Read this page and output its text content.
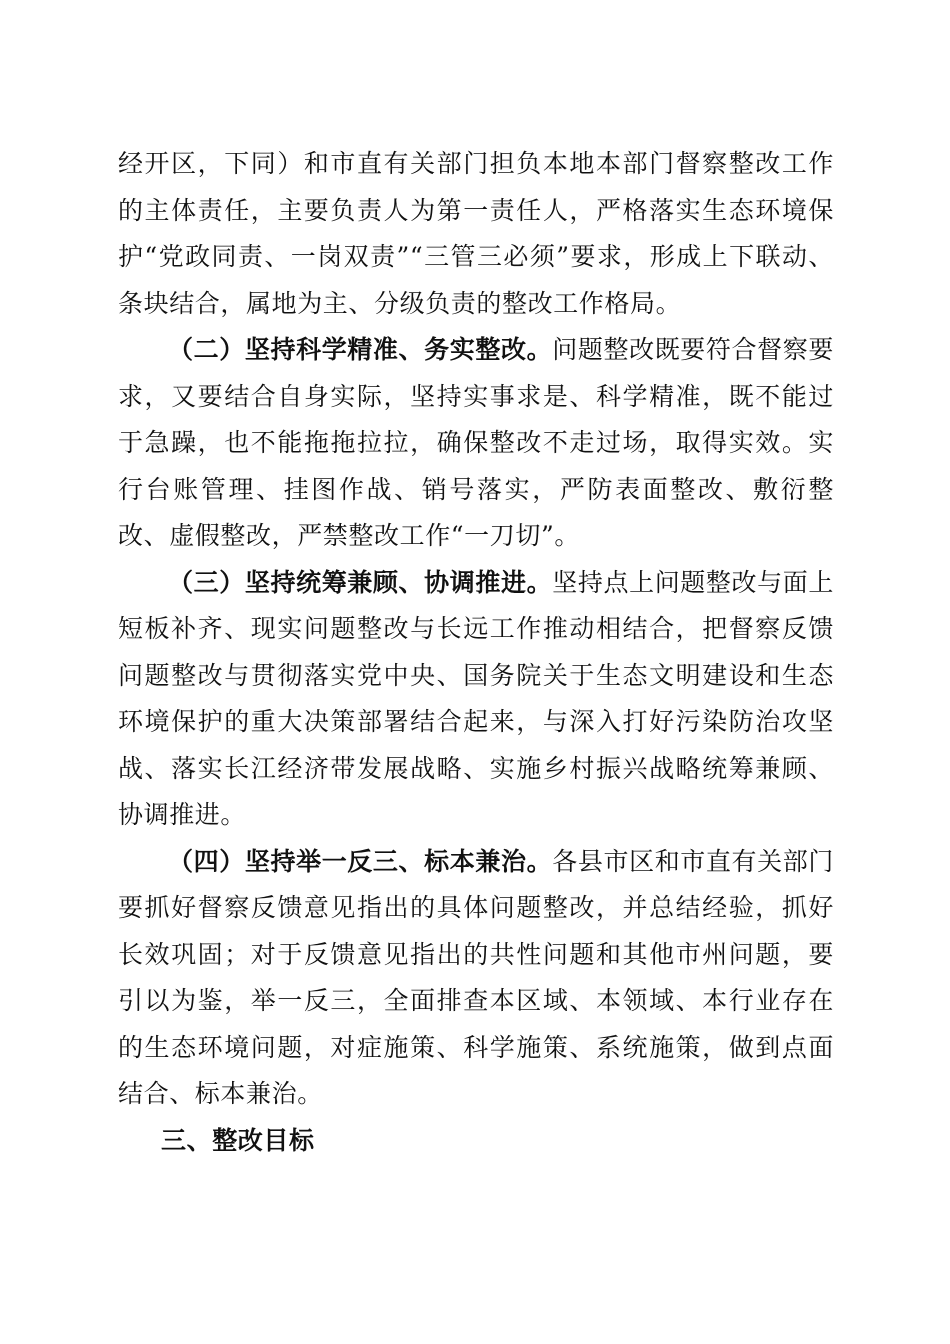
经开区，下同）和市直有关部门担负本地本部门督察整改工作的主体责任，主要负责人为第一责任人，严格落实生态环境保护“党政同责、一岗双责”“三管三必须”要求，形成上下联动、条块结合，属地为主、分级负责的整改工作格局。

（二）坚持科学精准、务实整改。问题整改既要符合督察要求，又要结合自身实际，坚持实事求是、科学精准，既不能过于急躁，也不能拖拖拉拉，确保整改不走过场，取得实效。实行台账管理、挂图作战、销号落实，严防表面整改、敷衍整改、虚假整改，严禁整改工作“一刀切”。

（三）坚持统筹兼顾、协调推进。坚持点上问题整改与面上短板补齐、现实问题整改与长远工作推动相结合，把督察反馈问题整改与贯彻落实党中央、国务院关于生态文明建设和生态环境保护的重大决策部署结合起来，与深入打好污染防治攻坚战、落实长江经济带发展战略、实施乡村振兴战略统筹兼顾、协调推进。

（四）坚持举一反三、标本兼治。各县市区和市直有关部门要抓好督察反馈意见指出的具体问题整改，并总结经验，抓好长效巩固；对于反馈意见指出的共性问题和其他市州问题，要引以为鉴，举一反三，全面排查本区域、本领域、本行业存在的生态环境问题，对症施策、科学施策、系统施策，做到点面结合、标本兼治。

三、整改目标
